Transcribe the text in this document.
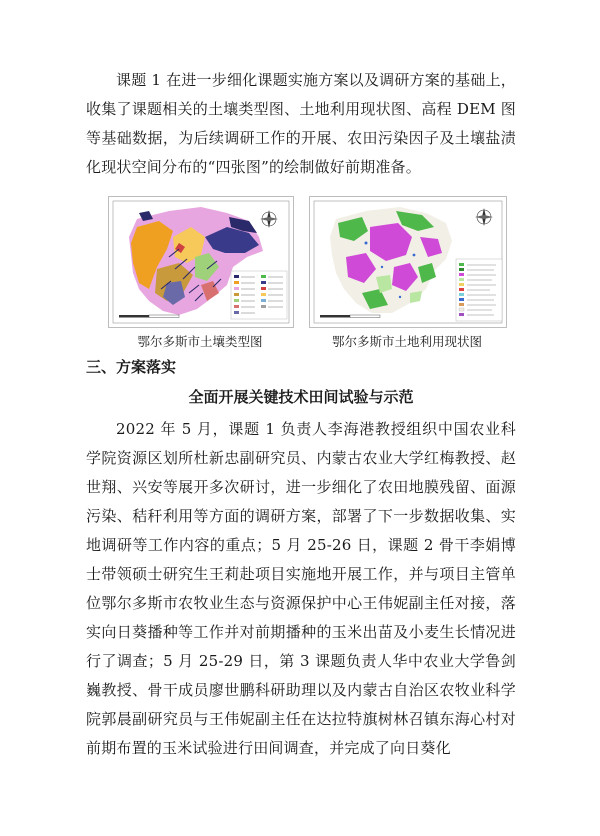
课题 1 在进一步细化课题实施方案以及调研方案的基础上，收集了课题相关的土壤类型图、土地利用现状图、高程 DEM 图等基础数据，为后续调研工作的开展、农田污染因子及土壤盐渍化现状空间分布的“四张图”的绘制做好前期准备。

鄂尔多斯市土壤类型图	鄂尔多斯市土地利用现状图

三、方案落实

全面开展关键技术田间试验与示范

2022 年 5 月，课题 1 负责人李海港教授组织中国农业科学院资源区划所杜新忠副研究员、内蒙古农业大学红梅教授、赵世翔、兴安等展开多次研讨，进一步细化了农田地膜残留、面源污染、秸秆利用等方面的调研方案，部署了下一步数据收集、实地调研等工作内容的重点；5 月 25-26 日，课题 2 骨干李娟博士带领硕士研究生王莉赴项目实施地开展工作，并与项目主管单位鄂尔多斯市农牧业生态与资源保护中心王伟妮副主任对接，落实向日葵播种等工作并对前期播种的玉米出苗及小麦生长情况进行了调查；5 月 25-29 日，第 3 课题负责人华中农业大学鲁剑巍教授、骨干成员廖世鹏科研助理以及内蒙古自治区农牧业科学院郭晨副研究员与王伟妮副主任在达拉特旗树林召镇东海心村对前期布置的玉米试验进行田间调查，并完成了向日葵化
